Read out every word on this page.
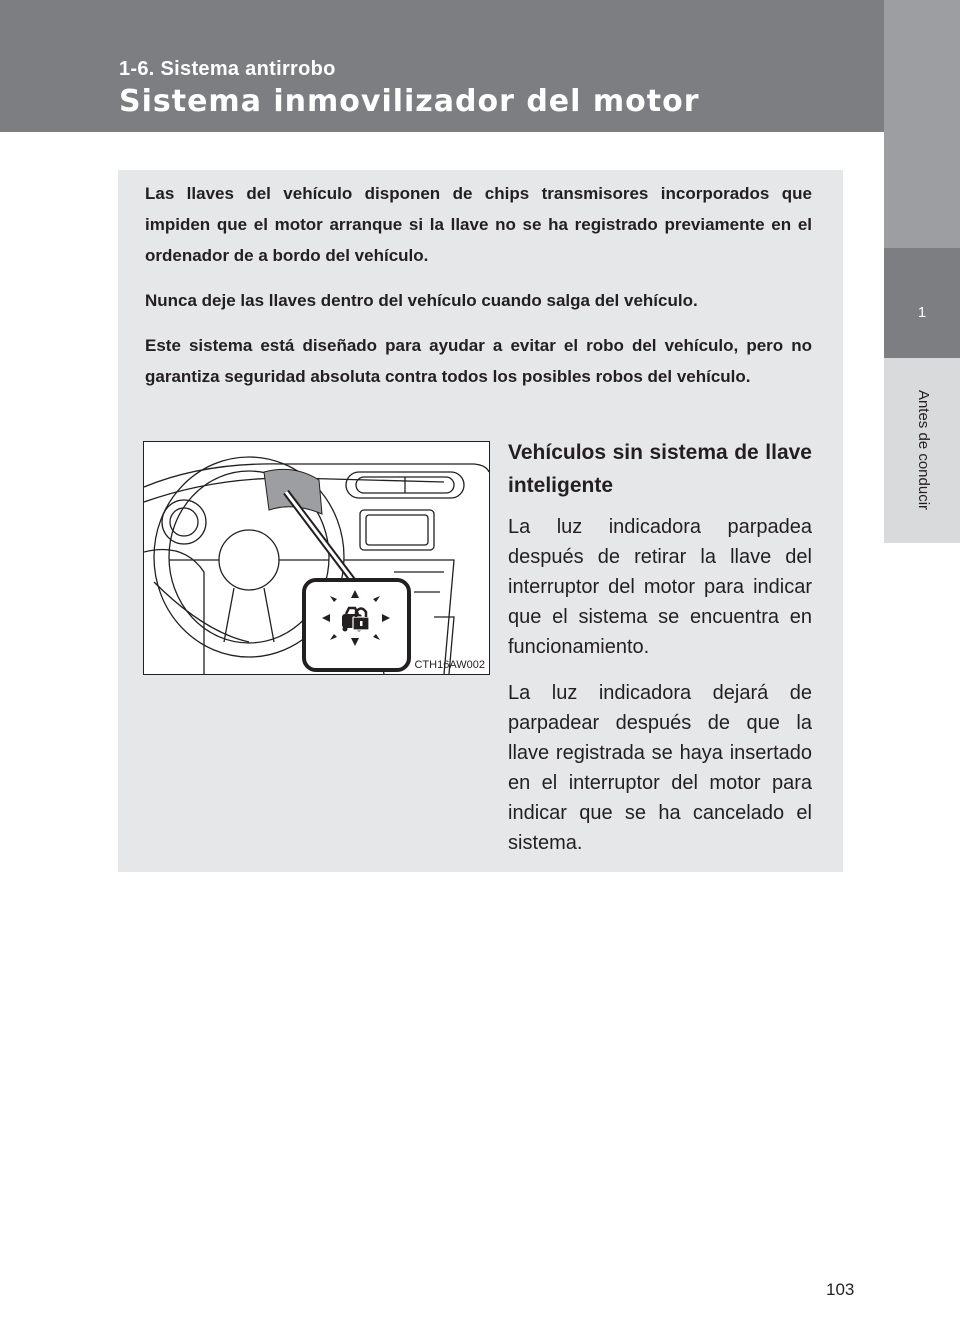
1-6. Sistema antirrobo
Sistema inmovilizador del motor
1
Antes de conducir

Las llaves del vehículo disponen de chips transmisores incorporados que impiden que el motor arranque si la llave no se ha registrado previamente en el ordenador de a bordo del vehículo.

Nunca deje las llaves dentro del vehículo cuando salga del vehículo.

Este sistema está diseñado para ayudar a evitar el robo del vehículo, pero no garantiza seguridad absoluta contra todos los posibles robos del vehículo.

CTH16AW002

Vehículos sin sistema de llave inteligente

La luz indicadora parpadea después de retirar la llave del interruptor del motor para indicar que el sistema se encuentra en funcionamiento.

La luz indicadora dejará de parpadear después de que la llave registrada se haya insertado en el interruptor del motor para indicar que se ha cancelado el sistema.

103
